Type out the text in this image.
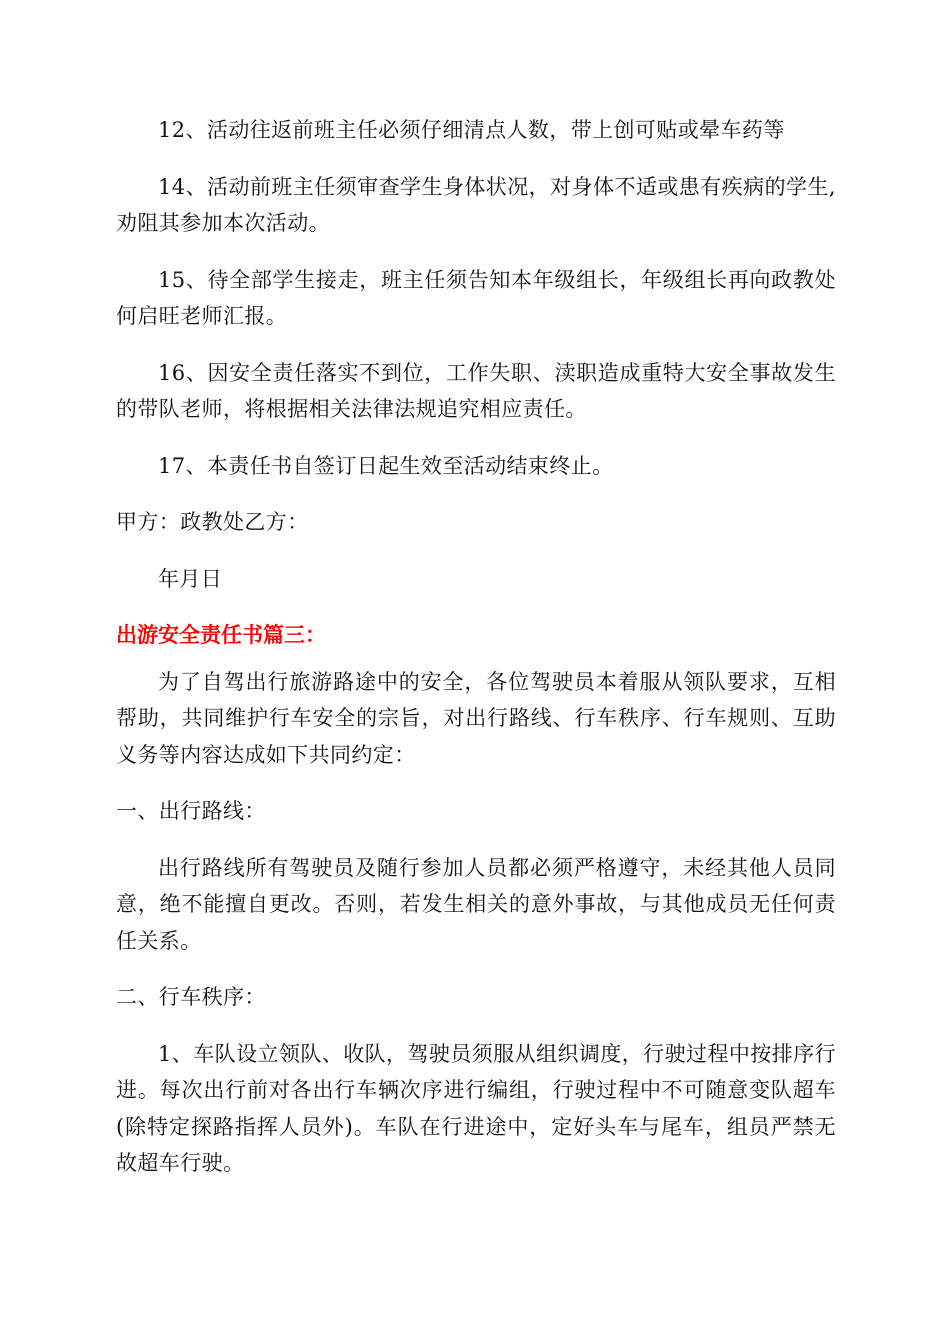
12、活动往返前班主任必须仔细清点人数，带上创可贴或晕车药等

14、活动前班主任须审查学生身体状况，对身体不适或患有疾病的学生,劝阻其参加本次活动。

15、待全部学生接走，班主任须告知本年级组长，年级组长再向政教处何启旺老师汇报。

16、因安全责任落实不到位，工作失职、渎职造成重特大安全事故发生的带队老师，将根据相关法律法规追究相应责任。

17、本责任书自签订日起生效至活动结束终止。

甲方：政教处乙方：

年月日

出游安全责任书篇三：

为了自驾出行旅游路途中的安全，各位驾驶员本着服从领队要求，互相帮助，共同维护行车安全的宗旨，对出行路线、行车秩序、行车规则、互助义务等内容达成如下共同约定：

一、出行路线：

出行路线所有驾驶员及随行参加人员都必须严格遵守，未经其他人员同意，绝不能擅自更改。否则，若发生相关的意外事故，与其他成员无任何责任关系。

二、行车秩序：

1、车队设立领队、收队，驾驶员须服从组织调度，行驶过程中按排序行进。每次出行前对各出行车辆次序进行编组，行驶过程中不可随意变队超车(除特定探路指挥人员外)。车队在行进途中，定好头车与尾车，组员严禁无故超车行驶。
